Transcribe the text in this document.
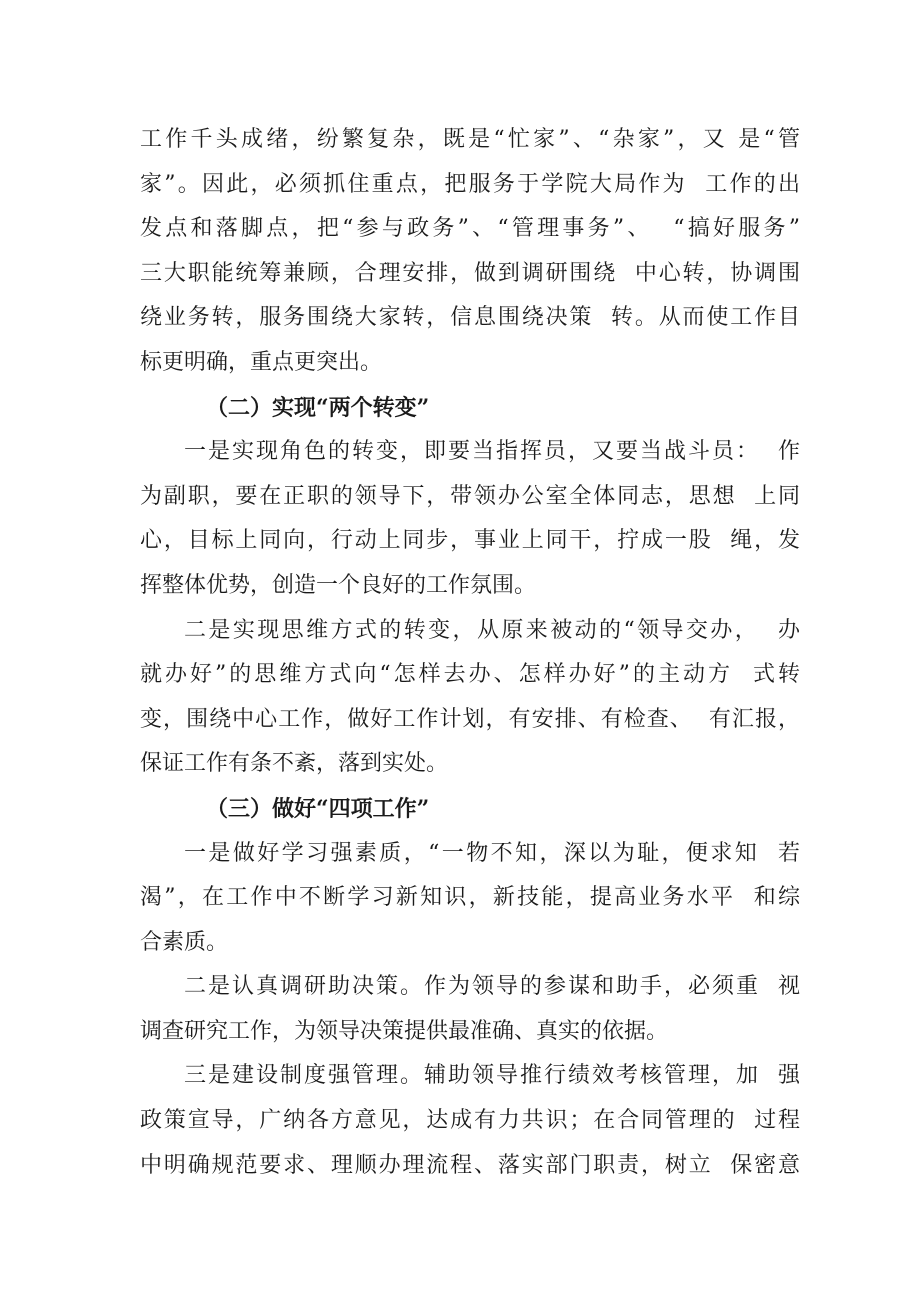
工作千头成绪，纷繁复杂，既是“忙家”、“杂家”，又 是“管
家”。因此，必须抓住重点，把服务于学院大局作为  工作的出
发点和落脚点，把“参与政务”、“管理事务”、  “搞好服务”
三大职能统筹兼顾，合理安排，做到调研围绕  中心转，协调围
绕业务转，服务围绕大家转，信息围绕决策  转。从而使工作目
标更明确，重点更突出。
（二）实现“两个转变”
一是实现角色的转变，即要当指挥员，又要当战斗员：  作
为副职，要在正职的领导下，带领办公室全体同志，思想  上同
心，目标上同向，行动上同步，事业上同干，拧成一股  绳，发
挥整体优势，创造一个良好的工作氛围。
二是实现思维方式的转变，从原来被动的“领导交办，  办
就办好”的思维方式向“怎样去办、怎样办好”的主动方  式转
变，围绕中心工作，做好工作计划，有安排、有检查、  有汇报，
保证工作有条不紊，落到实处。
（三）做好“四项工作”
一是做好学习强素质，“一物不知，深以为耻，便求知  若
渴”，在工作中不断学习新知识，新技能，提高业务水平  和综
合素质。
二是认真调研助决策。作为领导的参谋和助手，必须重  视
调查研究工作，为领导决策提供最准确、真实的依据。
三是建设制度强管理。辅助领导推行绩效考核管理，加  强
政策宣导，广纳各方意见，达成有力共识；在合同管理的  过程
中明确规范要求、理顺办理流程、落实部门职责，树立  保密意
